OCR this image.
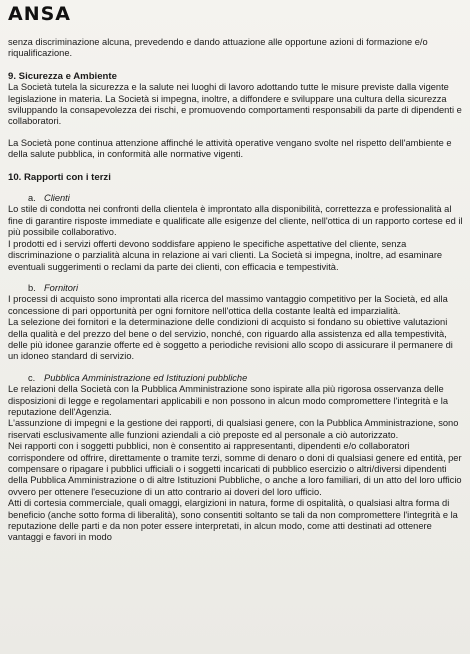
ANSA

senza discriminazione alcuna, prevedendo e dando attuazione alle opportune azioni di formazione e/o riqualificazione.

9. Sicurezza e Ambiente

La Società tutela la sicurezza e la salute nei luoghi di lavoro adottando tutte le misure previste dalla vigente legislazione in materia. La Società si impegna, inoltre, a diffondere e sviluppare una cultura della sicurezza sviluppando la consapevolezza dei rischi, e promuovendo comportamenti responsabili da parte di dipendenti e collaboratori.

La Società pone continua attenzione affinché le attività operative vengano svolte nel rispetto dell'ambiente e della salute pubblica, in conformità alle normative vigenti.

10. Rapporti con i terzi

a. Clienti

Lo stile di condotta nei confronti della clientela è improntato alla disponibilità, correttezza e professionalità al fine di garantire risposte immediate e qualificate alle esigenze del cliente, nell'ottica di un rapporto cortese ed il più possibile collaborativo.

I prodotti ed i servizi offerti devono soddisfare appieno le specifiche aspettative del cliente, senza discriminazione o parzialità alcuna in relazione ai vari clienti. La Società si impegna, inoltre, ad esaminare eventuali suggerimenti o reclami da parte dei clienti, con efficacia e tempestività.

b. Fornitori

I processi di acquisto sono improntati alla ricerca del massimo vantaggio competitivo per la Società, ed alla concessione di pari opportunità per ogni fornitore nell'ottica della costante lealtà ed imparzialità.

La selezione dei fornitori e la determinazione delle condizioni di acquisto si fondano su obiettive valutazioni della qualità e del prezzo del bene o del servizio, nonché, con riguardo alla assistenza ed alla tempestività, delle più idonee garanzie offerte ed è soggetto a periodiche revisioni allo scopo di assicurare il permanere di un idoneo standard di servizio.

c. Pubblica Amministrazione ed Istituzioni pubbliche

Le relazioni della Società con la Pubblica Amministrazione sono ispirate alla più rigorosa osservanza delle disposizioni di legge e regolamentari applicabili e non possono in alcun modo compromettere l'integrità e la reputazione dell'Agenzia.

L'assunzione di impegni e la gestione dei rapporti, di qualsiasi genere, con la Pubblica Amministrazione, sono riservati esclusivamente alle funzioni aziendali a ciò preposte ed al personale a ciò autorizzato.

Nei rapporti con i soggetti pubblici, non è consentito ai rappresentanti, dipendenti e/o collaboratori corrispondere od offrire, direttamente o tramite terzi, somme di denaro o doni di qualsiasi genere ed entità, per compensare o ripagare i pubblici ufficiali o i soggetti incaricati di pubblico esercizio o altri/diversi dipendenti della Pubblica Amministrazione o di altre Istituzioni Pubbliche, o anche a loro familiari, di un atto del loro ufficio ovvero per ottenere l'esecuzione di un atto contrario ai doveri del loro ufficio.

Atti di cortesia commerciale, quali omaggi, elargizioni in natura, forme di ospitalità, o qualsiasi altra forma di beneficio (anche sotto forma di liberalità), sono consentiti soltanto se tali da non compromettere l'integrità e la reputazione delle parti e da non poter essere interpretati, in alcun modo, come atti destinati ad ottenere vantaggi e favori in modo
